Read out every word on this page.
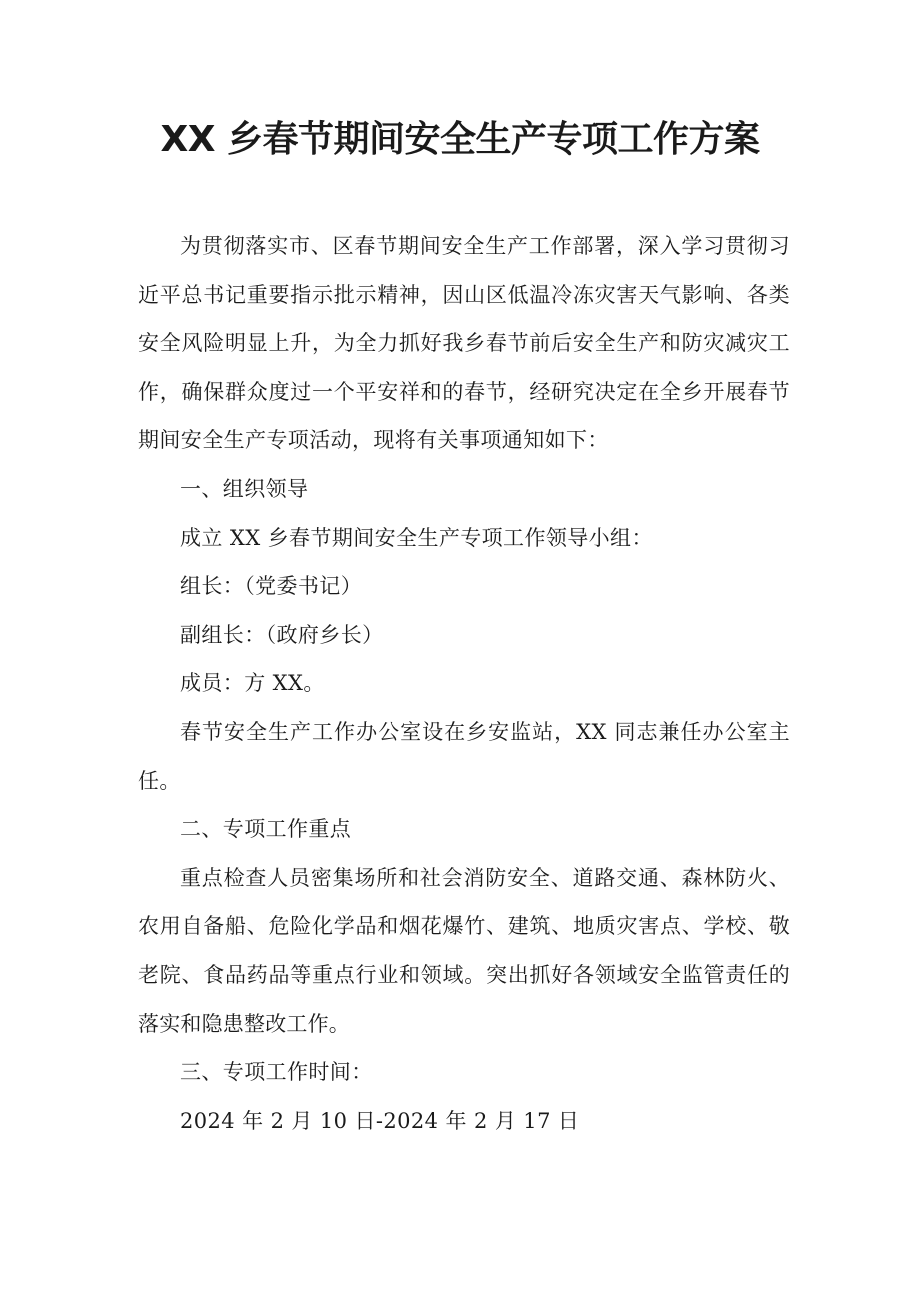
XX 乡春节期间安全生产专项工作方案

为贯彻落实市、区春节期间安全生产工作部署，深入学习贯彻习近平总书记重要指示批示精神，因山区低温冷冻灾害天气影响、各类安全风险明显上升，为全力抓好我乡春节前后安全生产和防灾减灾工作，确保群众度过一个平安祥和的春节，经研究决定在全乡开展春节期间安全生产专项活动，现将有关事项通知如下：

一、组织领导

成立 XX 乡春节期间安全生产专项工作领导小组：

组长：（党委书记）

副组长：（政府乡长）

成员：方 XX。

春节安全生产工作办公室设在乡安监站，XX 同志兼任办公室主任。

二、专项工作重点

重点检查人员密集场所和社会消防安全、道路交通、森林防火、农用自备船、危险化学品和烟花爆竹、建筑、地质灾害点、学校、敬老院、食品药品等重点行业和领域。突出抓好各领域安全监管责任的落实和隐患整改工作。

三、专项工作时间：

2024 年 2 月 10 日-2024 年 2 月 17 日
